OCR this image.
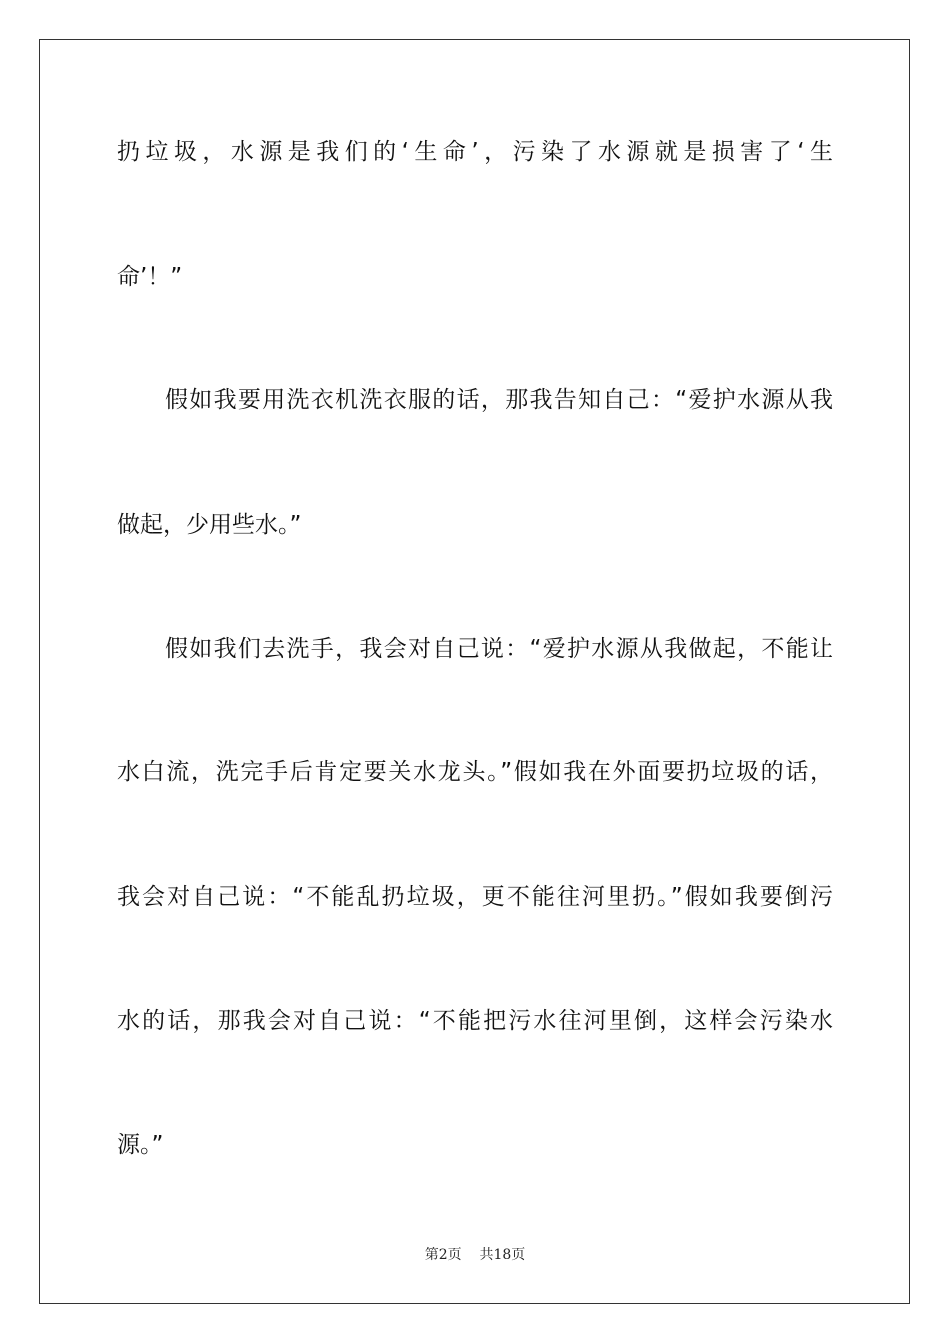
扔垃圾，水源是我们的‘生命’，污染了水源就是损害了‘生
命’！”
假如我要用洗衣机洗衣服的话，那我告知自己：“爱护水源从我
做起，少用些水。”
假如我们去洗手，我会对自己说：“爱护水源从我做起，不能让
水白流，洗完手后肯定要关水龙头。”假如我在外面要扔垃圾的话，
我会对自己说：“不能乱扔垃圾，更不能往河里扔。”假如我要倒污
水的话，那我会对自己说：“不能把污水往河里倒，这样会污染水
源。”
第2页 共18页
